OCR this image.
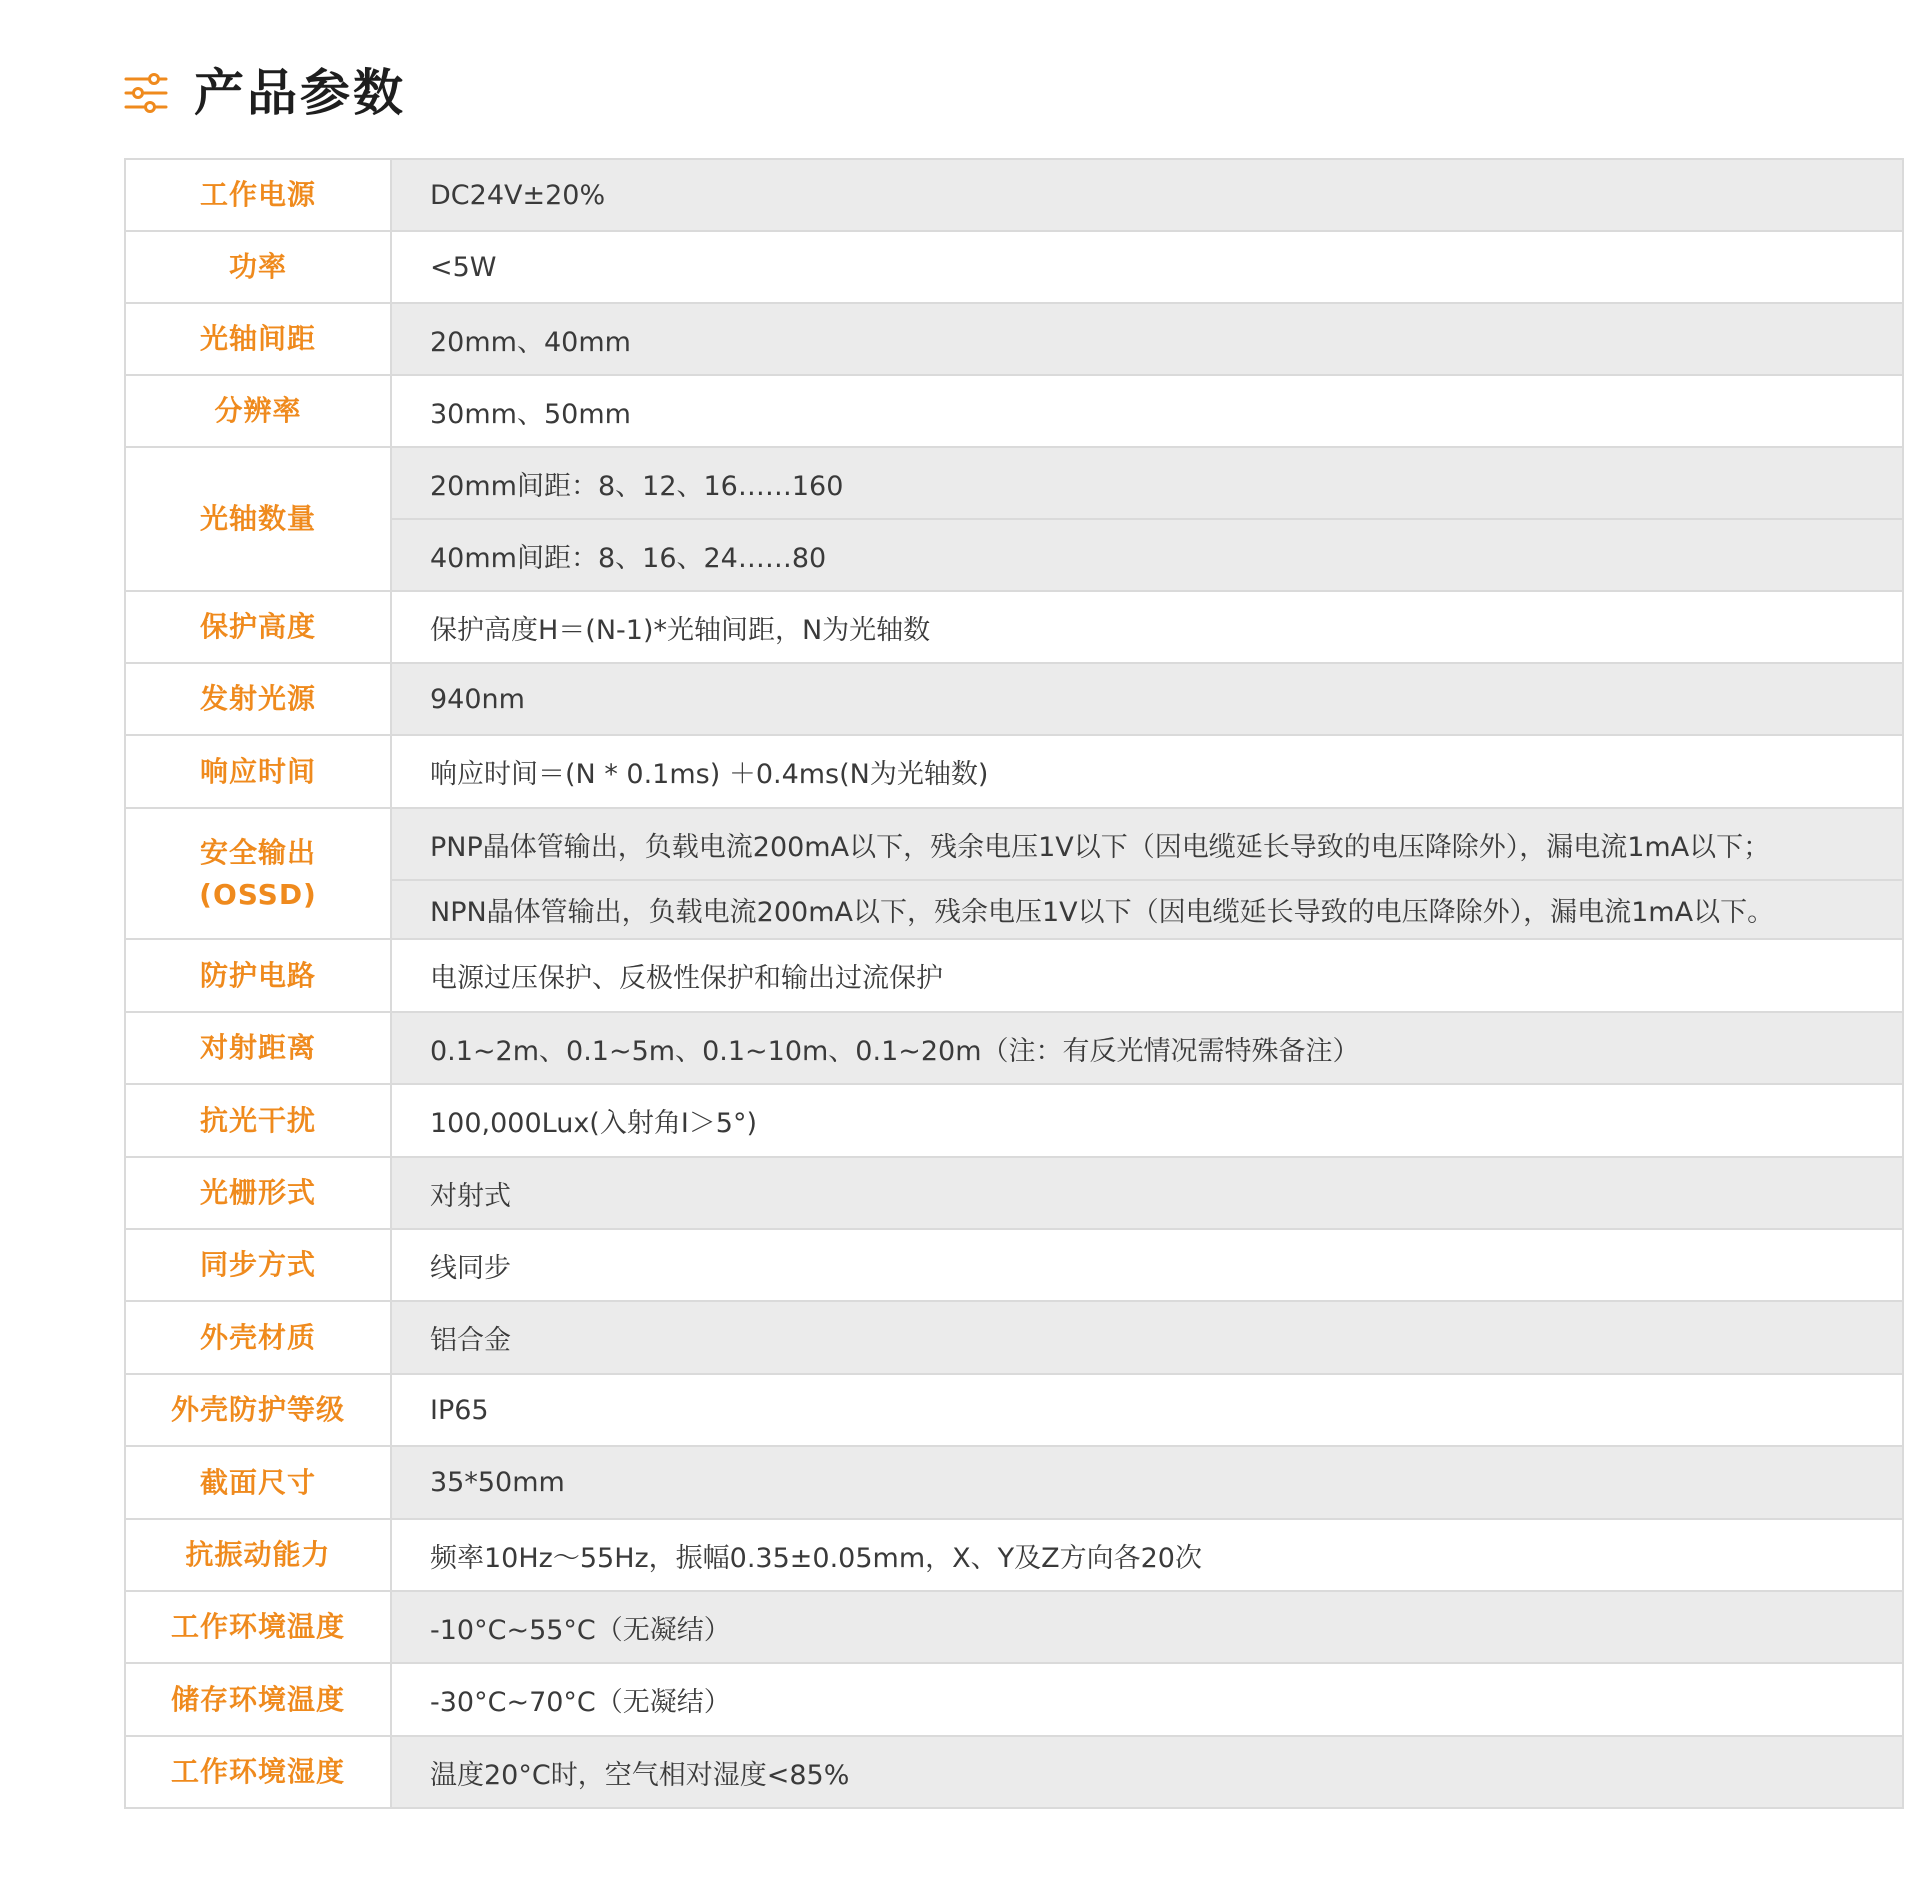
产品参数
工作电源	DC24V±20%
功率	<5W
光轴间距	20mm、40mm
分辨率	30mm、50mm
光轴数量	20mm间距：8、12、16……160
	40mm间距：8、16、24……80
保护高度	保护高度H＝(N-1)*光轴间距，N为光轴数
发射光源	940nm
响应时间	响应时间＝(N * 0.1ms) ＋0.4ms(N为光轴数)

安全输出
(OSSD)	PNP晶体管输出，负载电流200mA以下，残余电压1V以下（因电缆延长导致的电压降除外），漏电流1mA以下；
	NPN晶体管输出，负载电流200mA以下，残余电压1V以下（因电缆延长导致的电压降除外），漏电流1mA以下。
防护电路	电源过压保护、反极性保护和输出过流保护
对射距离	0.1~2m、0.1~5m、0.1~10m、0.1~20m（注：有反光情况需特殊备注）
抗光干扰	100,000Lux(入射角I＞5°)
光栅形式	对射式
同步方式	线同步
外壳材质	铝合金
外壳防护等级	IP65
截面尺寸	35*50mm
抗振动能力	频率10Hz～55Hz，振幅0.35±0.05mm，X、Y及Z方向各20次
工作环境温度	-10°C~55°C（无凝结）
储存环境温度	-30°C~70°C（无凝结）
工作环境湿度	温度20°C时，空气相对湿度<85%
